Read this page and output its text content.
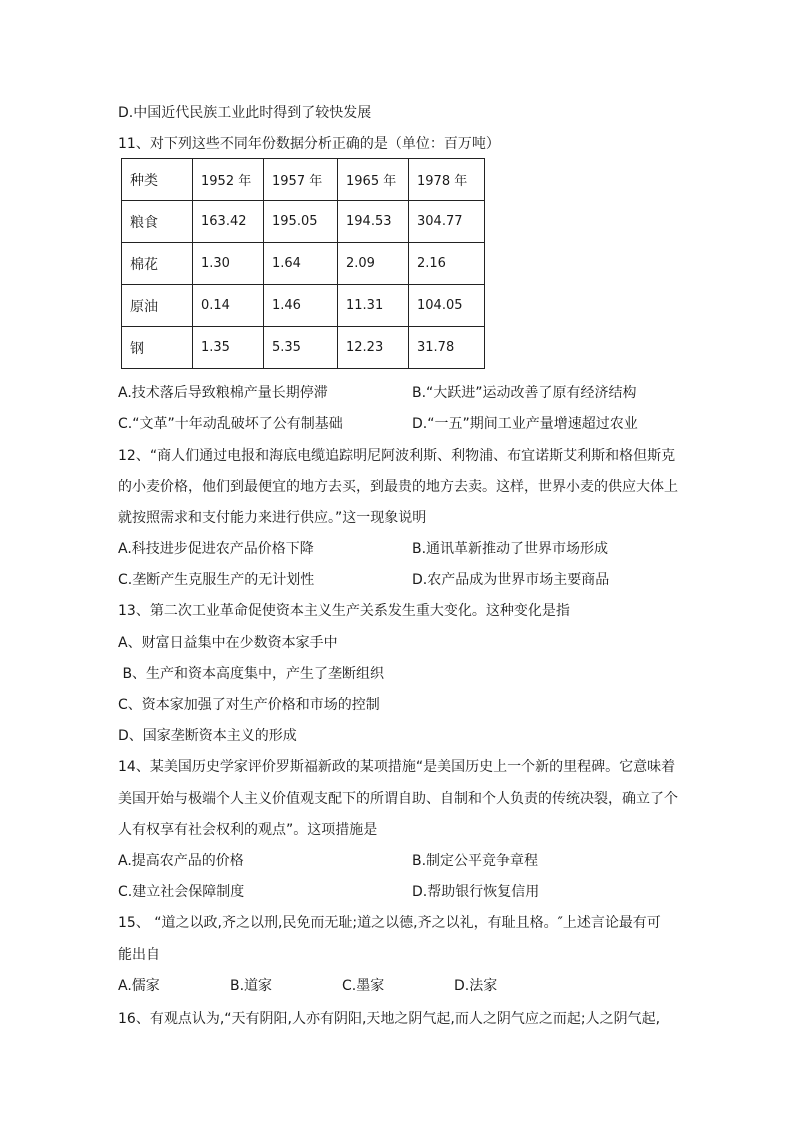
D.中国近代民族工业此时得到了较快发展
11、对下列这些不同年份数据分析正确的是（单位：百万吨）
种类	1952 年	1957 年	1965 年	1978 年
粮食	163.42	195.05	194.53	304.77
棉花	1.30	1.64	2.09	2.16
原油	0.14	1.46	11.31	104.05
钢	1.35	5.35	12.23	31.78
A.技术落后导致粮棉产量长期停滞	B.“大跃进”运动改善了原有经济结构
C.“文革”十年动乱破坏了公有制基础	D.“一五”期间工业产量增速超过农业
12、“商人们通过电报和海底电缆追踪明尼阿波利斯、利物浦、布宜诺斯艾利斯和格但斯克
的小麦价格，他们到最便宜的地方去买，到最贵的地方去卖。这样，世界小麦的供应大体上
就按照需求和支付能力来进行供应。”这一现象说明
A.科技进步促进农产品价格下降	B.通讯革新推动了世界市场形成
C.垄断产生克服生产的无计划性	D.农产品成为世界市场主要商品
13、第二次工业革命促使资本主义生产关系发生重大变化。这种变化是指
A、财富日益集中在少数资本家手中
B、生产和资本高度集中，产生了垄断组织
C、资本家加强了对生产价格和市场的控制
D、国家垄断资本主义的形成
14、某美国历史学家评价罗斯福新政的某项措施“是美国历史上一个新的里程碑。它意味着
美国开始与极端个人主义价值观支配下的所谓自助、自制和个人负责的传统决裂，确立了个
人有权享有社会权利的观点”。这项措施是
A.提高农产品的价格	B.制定公平竞争章程
C.建立社会保障制度	D.帮助银行恢复信用
15、 “道之以政,齐之以刑,民免而无耻;道之以德,齐之以礼，有耻且格。″上述言论最有可
能出自
A.儒家	B.道家	C.墨家	D.法家
16、有观点认为,“天有阴阳,人亦有阴阳,天地之阴气起,而人之阴气应之而起;人之阴气起,
